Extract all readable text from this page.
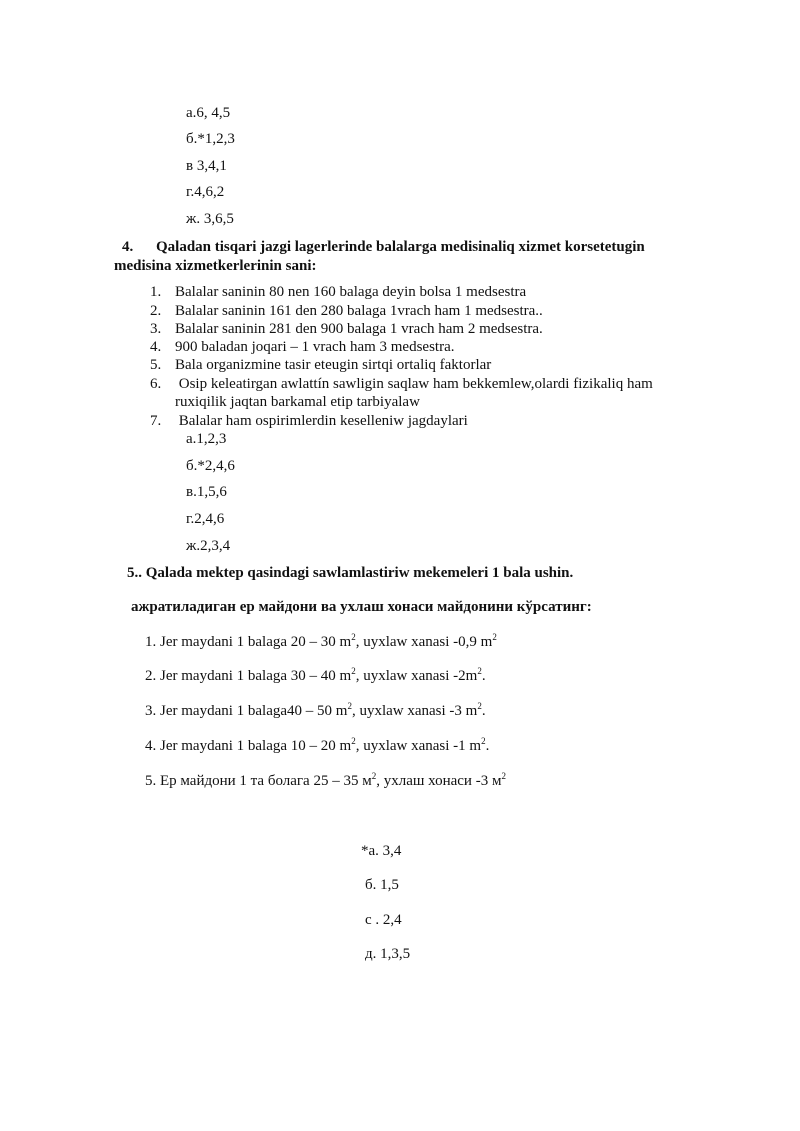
а.6, 4,5
б.*1,2,3
в 3,4,1
г.4,6,2
ж. 3,6,5
4. Qaladan tisqari jazgi lagerlerinde balalarga medisinaliq xizmet korsetetugin
medisina xizmetkerlerinin sani:
1. Balalar saninin 80 nen 160 balaga deyin bolsa 1 medsestra
2. Balalar saninin 161 den 280 balaga 1vrach ham 1 medsestra..
3. Balalar saninin 281 den 900 balaga 1 vrach ham 2 medsestra.
4. 900 baladan joqari – 1 vrach ham 3 medsestra.
5. Bala organizmine tasir eteugin sirtqi ortaliq faktorlar
6. Osip keleatirgan awlattín sawligin saqlaw ham bekkemlew,olardi fizikaliq ham
ruxiqilik jaqtan barkamal etip tarbiyalaw
7. Balalar ham ospirimlerdin keselleniw jagdaylari
а.1,2,3
б.*2,4,6
в.1,5,6
г.2,4,6
ж.2,3,4
5.. Qalada mektep qasindagi sawlamlastiriw mekemeleri 1 bala ushin.
ажратиладиган ер майдони ва ухлаш хонаси майдонини кўрсатинг:
1. Jer maydani 1 balaga 20 – 30 $m^2$, uyxlaw xanasi -0,9 $m^2$
2. Jer maydani 1 balaga 30 – 40 $m^2$, uyxlaw xanasi $-2m^2$.
3. Jer maydani 1 balaga40 – 50 $m^2$, uyxlaw xanasi -3 $m^2$.
4. Jer maydani 1 balaga 10 – 20 $m^2$, uyxlaw xanasi -1 $m^2$.
5. Ер майдони 1 та болага 25 – 35 $м^2$, ухлаш хонаси -3 $м^2$
*а. 3,4
б. 1,5
с . 2,4
д. 1,3,5
